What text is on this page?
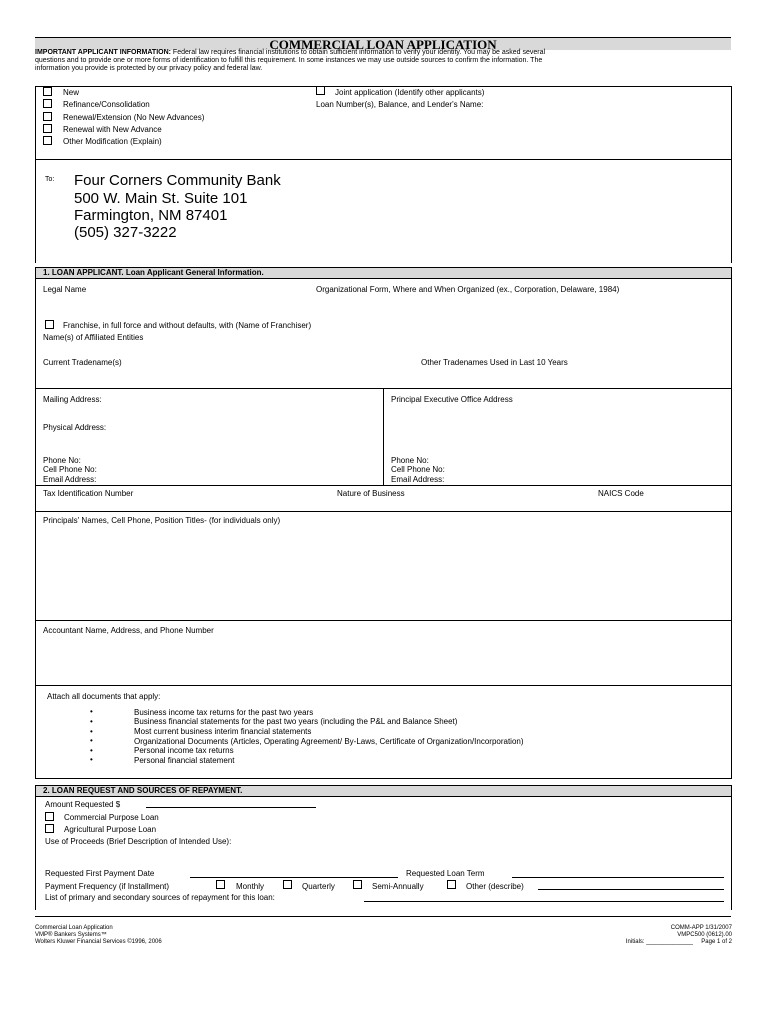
COMMERCIAL LOAN APPLICATION
IMPORTANT APPLICANT INFORMATION: Federal law requires financial institutions to obtain sufficient information to verify your identity. You may be asked several
questions and to provide one or more forms of identification to fulfill this requirement. In some instances we may use outside sources to confirm the information. The
information you provide is protected by our privacy policy and federal law.
New
Refinance/Consolidation
Renewal/Extension (No New Advances)
Renewal with New Advance
Other Modification (Explain)
Joint application (Identify other applicants)
Loan Number(s), Balance, and Lender's Name:
To: Four Corners Community Bank
500 W. Main St. Suite 101
Farmington, NM 87401
(505) 327-3222
1. LOAN APPLICANT. Loan Applicant General Information.
Legal Name	Organizational Form, Where and When Organized (ex., Corporation, Delaware, 1984)
Franchise, in full force and without defaults, with (Name of Franchiser)
Name(s) of Affiliated Entities
Current Tradename(s)	Other Tradenames Used in Last 10 Years
Mailing Address:	Principal Executive Office Address
Physical Address:
Phone No:
Cell Phone No:
Email Address:
Phone No:
Cell Phone No:
Email Address:
Tax Identification Number	Nature of Business	NAICS Code
Principals' Names, Cell Phone, Position Titles- (for individuals only)
Accountant Name, Address, and Phone Number
Attach all documents that apply:
•	Business income tax returns for the past two years
•	Business financial statements for the past two years (including the P&L and Balance Sheet)
•	Most current business interim financial statements
•	Organizational Documents (Articles, Operating Agreement/ By-Laws, Certificate of Organization/Incorporation)
•	Personal income tax returns
•	Personal financial statement
2. LOAN REQUEST AND SOURCES OF REPAYMENT.
Amount Requested $
Commercial Purpose Loan
Agricultural Purpose Loan
Use of Proceeds (Brief Description of Intended Use):
Requested First Payment Date	Requested Loan Term
Payment Frequency (if Installment)	Monthly	Quarterly	Semi-Annually	Other (describe)
List of primary and secondary sources of repayment for this loan:
Commercial Loan Application
VMP® Bankers Systems™
Wolters Kluwer Financial Services ©1996, 2006
COMM-APP 1/31/2007
VMPC500 (0612).00
Initials: ______________ Page 1 of 2
